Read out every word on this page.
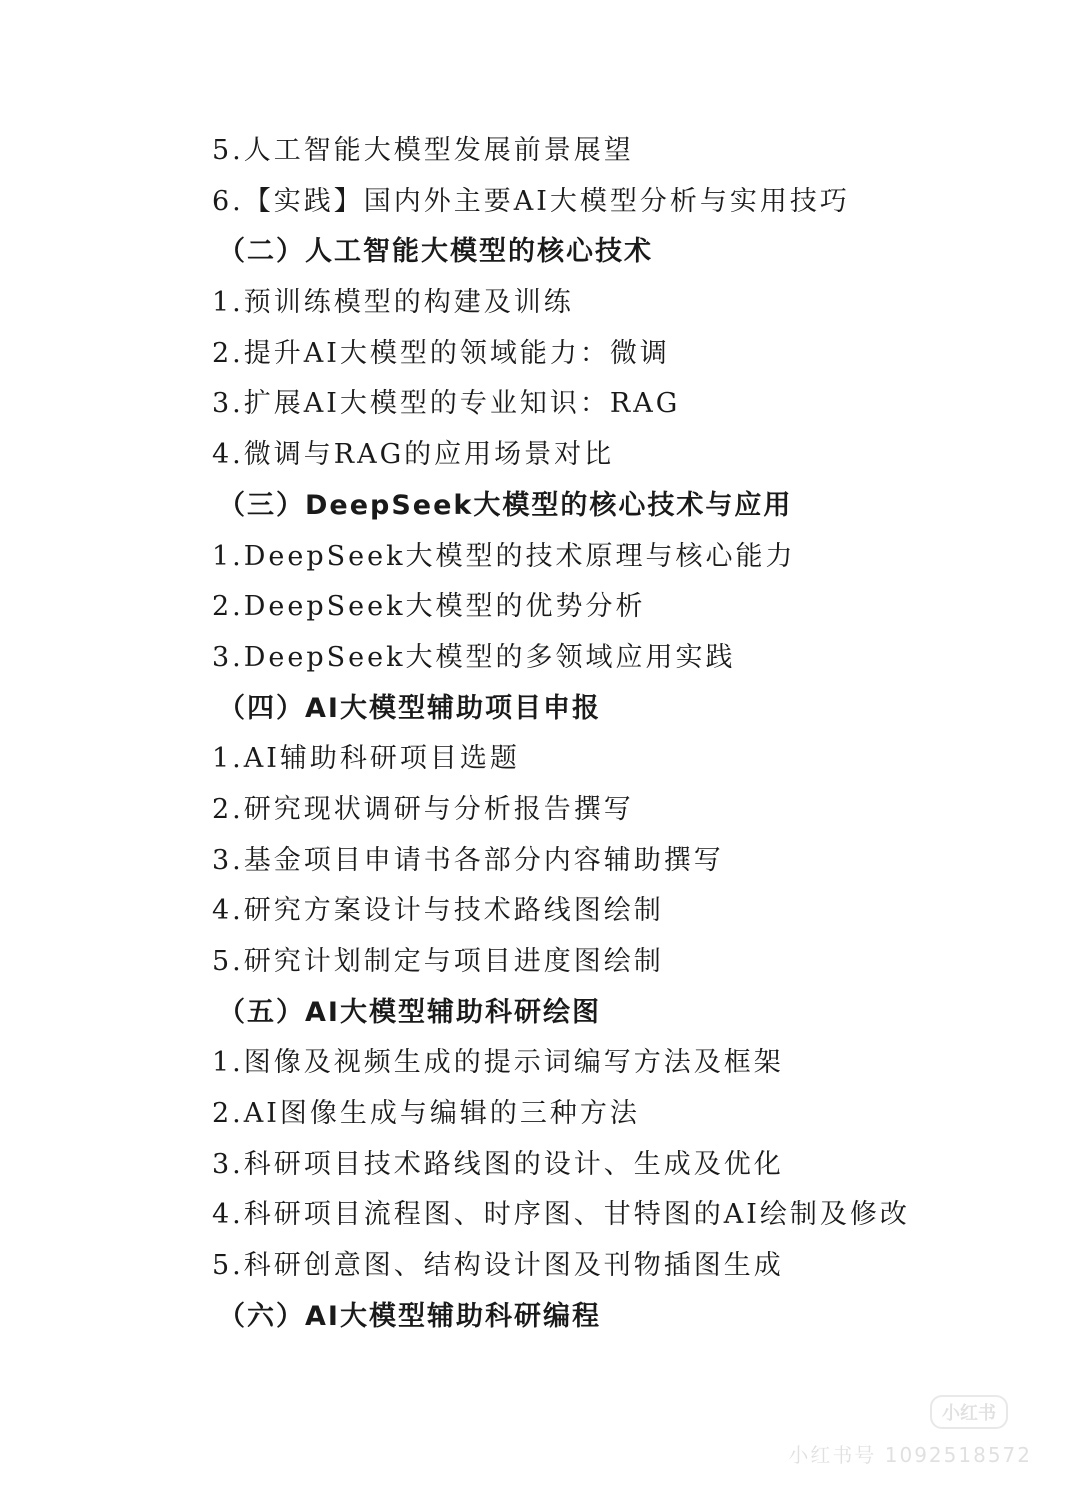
5.人工智能大模型发展前景展望
6.【实践】国内外主要AI大模型分析与实用技巧
（二）人工智能大模型的核心技术
1.预训练模型的构建及训练
2.提升AI大模型的领域能力：微调
3.扩展AI大模型的专业知识：RAG
4.微调与RAG的应用场景对比
（三）DeepSeek大模型的核心技术与应用
1.DeepSeek大模型的技术原理与核心能力
2.DeepSeek大模型的优势分析
3.DeepSeek大模型的多领域应用实践
（四）AI大模型辅助项目申报
1.AI辅助科研项目选题
2.研究现状调研与分析报告撰写
3.基金项目申请书各部分内容辅助撰写
4.研究方案设计与技术路线图绘制
5.研究计划制定与项目进度图绘制
（五）AI大模型辅助科研绘图
1.图像及视频生成的提示词编写方法及框架
2.AI图像生成与编辑的三种方法
3.科研项目技术路线图的设计、生成及优化
4.科研项目流程图、时序图、甘特图的AI绘制及修改
5.科研创意图、结构设计图及刊物插图生成
（六）AI大模型辅助科研编程
小红书
小红书号 1092518572
